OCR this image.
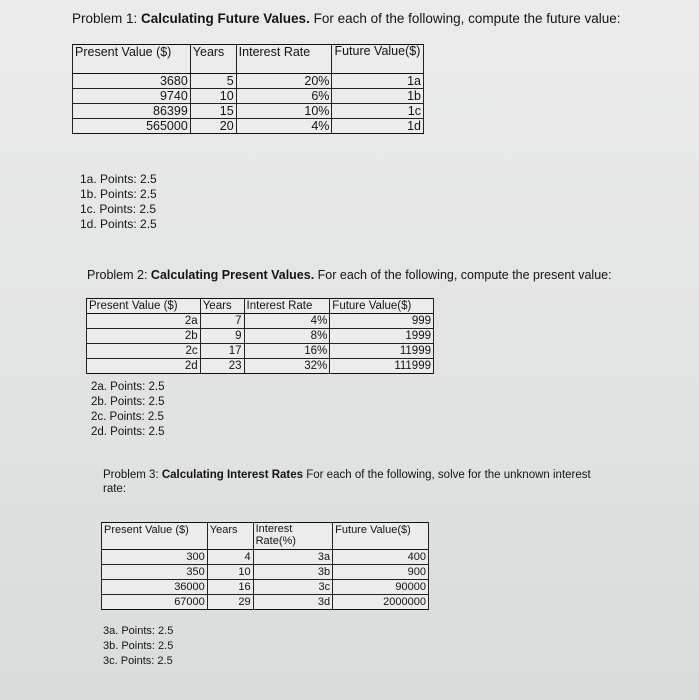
Problem 1: Calculating Future Values. For each of the following, compute the future value:
Present Value ($)	Years	Interest Rate	Future Value($)
3680	5	20%	1a
9740	10	6%	1b
86399	15	10%	1c
565000	20	4%	1d
1a. Points: 2.5
1b. Points: 2.5
1c. Points: 2.5
1d. Points: 2.5
Problem 2: Calculating Present Values. For each of the following, compute the present value:
Present Value ($)	Years	Interest Rate	Future Value($)
2a	7	4%	999
2b	9	8%	1999
2c	17	16%	11999
2d	23	32%	111999
2a. Points: 2.5
2b. Points: 2.5
2c. Points: 2.5
2d. Points: 2.5
Problem 3: Calculating Interest Rates For each of the following, solve for the unknown interest
rate:
Present Value ($)	Years	Interest Rate(%)	Future Value($)
300	4	3a	400
350	10	3b	900
36000	16	3c	90000
67000	29	3d	2000000
3a. Points: 2.5
3b. Points: 2.5
3c. Points: 2.5
